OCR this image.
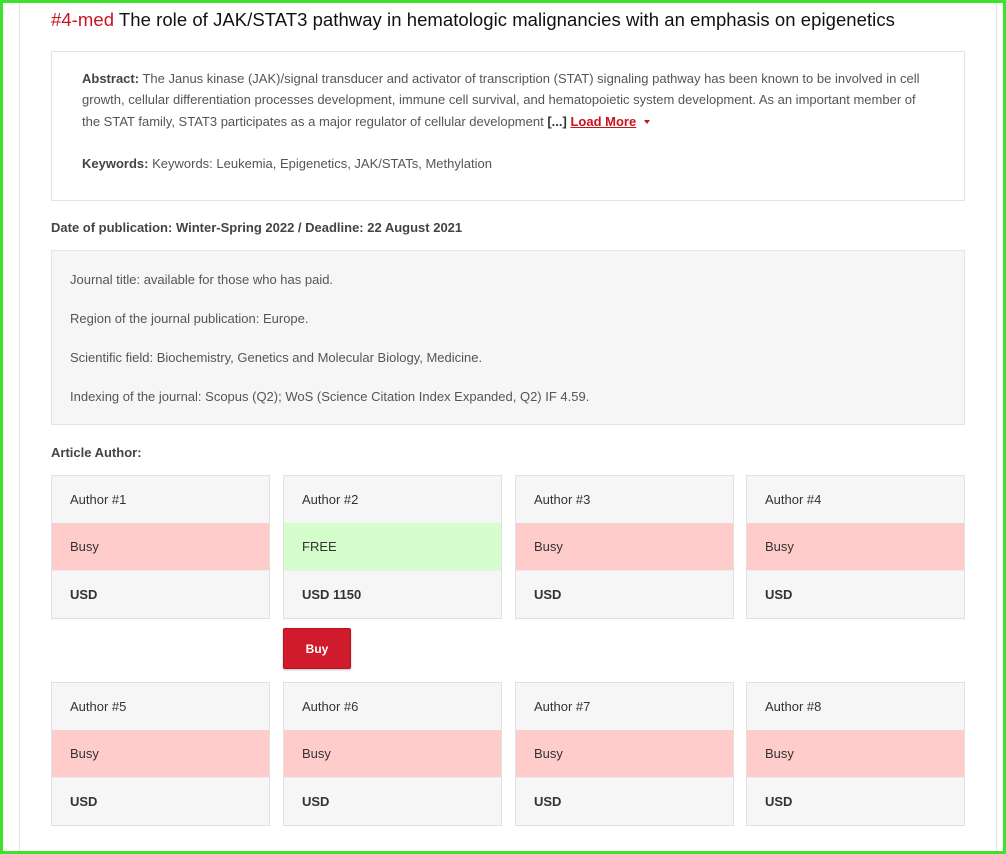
#4-med The role of JAK/STAT3 pathway in hematologic malignancies with an emphasis on epigenetics
Abstract: The Janus kinase (JAK)/signal transducer and activator of transcription (STAT) signaling pathway has been known to be involved in cell growth, cellular differentiation processes development, immune cell survival, and hematopoietic system development. As an important member of the STAT family, STAT3 participates as a major regulator of cellular development [...] Load More
Keywords: Keywords: Leukemia, Epigenetics, JAK/STATs, Methylation
Date of publication: Winter-Spring 2022 / Deadline: 22 August 2021
Journal title: available for those who has paid.
Region of the journal publication: Europe.
Scientific field: Biochemistry, Genetics and Molecular Biology, Medicine.
Indexing of the journal: Scopus (Q2); WoS (Science Citation Index Expanded, Q2) IF 4.59.
Article Author:
Author #1
Busy
USD
Author #2
FREE
USD 1150
Author #3
Busy
USD
Author #4
Busy
USD
Buy
Author #5
Busy
USD
Author #6
Busy
USD
Author #7
Busy
USD
Author #8
Busy
USD
